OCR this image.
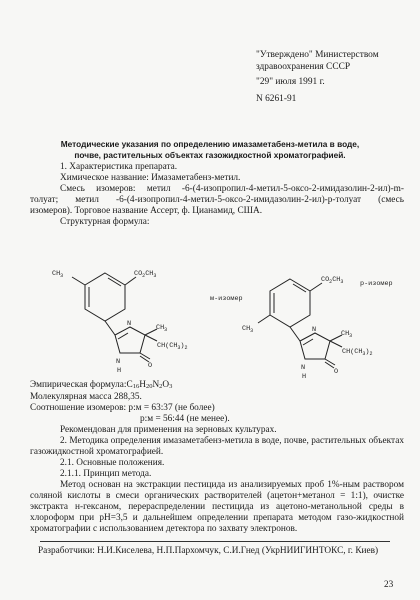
"Утверждено" Министерством
здравоохранения СССР
"29" июля 1991 г.
N 6261-91
Методические указания по определению имазаметабенз-метила в воде, почве, растительных объектах газожидкостной хроматографией.
1. Характеристика препарата.
Химическое название: Имазаметабенз-метил.
Смесь изомеров: метил -6-(4-изопропил-4-метил-5-оксо-2-имидазолин-2-ил)-m-толуат; метил -6-(4-изопропил-4-метил-5-оксо-2-имидазолин-2-ил)-р-толуат (смесь изомеров). Торговое название Ассерт, ф. Цианамид, США.
Структурная формула:
$CH_3$	$CO_2CH_3$
м-изомер
N	$CH_3$
$CH(CH_3)_2$
N
H
O
$CO_2CH_3$ р-изомер
$CH_3$	N	$CH_3$
$CH(CH_3)_2$
N
H
O
Эмпирическая формула:C16H20N2O3
Молекулярная масса 288,35.
Соотношение изомеров: р:м = 63:37 (не более)
р:м = 56:44 (не менее).
Рекомендован для применения на зерновых культурах.
2. Методика определения имазаметабенз-метила в воде, почве, растительных объектах газожидкостной хроматографией.
2.1. Основные положения.
2.1.1. Принцип метода.
Метод основан на экстракции пестицида из анализируемых проб 1%-ным раствором соляной кислоты в смеси органических растворителей (ацетон+метанол = 1:1), очистке экстракта н-гексаном, перераспределении пестицида из ацетоно-метанольной среды в хлороформ при pH=3,5 и дальнейшем определении препарата методом газо-жидкостной хроматографии с использованием детектора по захвату электронов.
Разработчики: Н.И.Киселева, Н.П.Пархомчук, С.И.Гнед (УкрНИИГИНТОКС, г. Киев)
23
